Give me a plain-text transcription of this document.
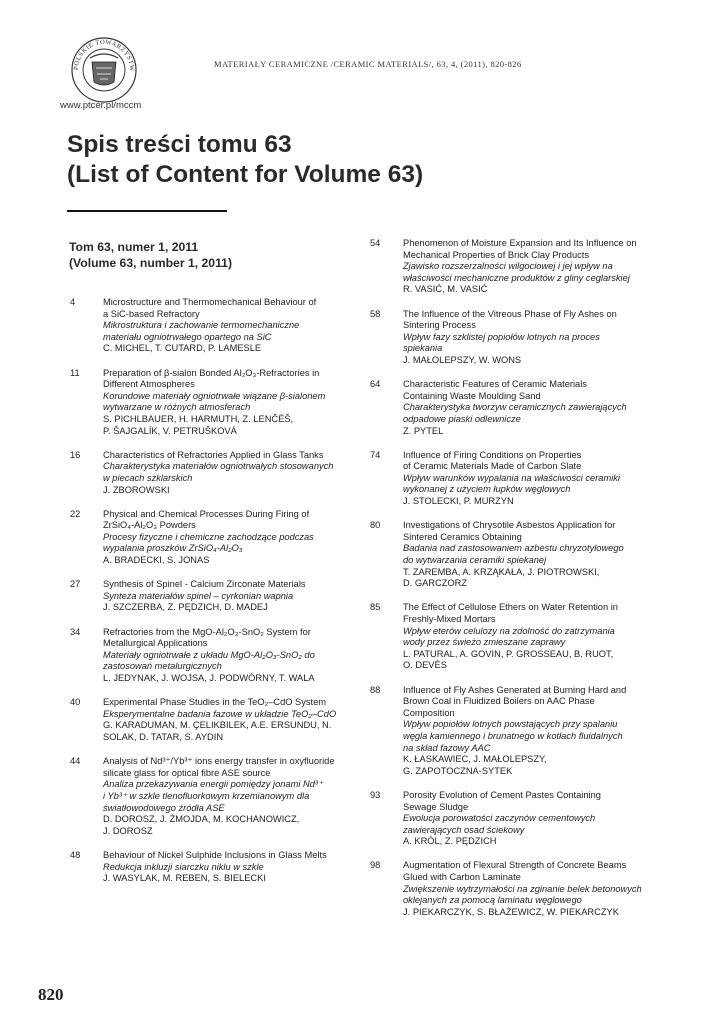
POLSKIE TOWARZYSTW
www.ptcer.pl/mccm
MATERIAŁY CERAMICZNE /CERAMIC MATERIALS/, 63, 4, (2011), 820-826
Spis treści tomu 63
(List of Content for Volume 63)
Tom 63, numer 1, 2011
(Volume 63, number 1, 2011)
4	Microstructure and Thermomechanical Behaviour of
a SiC-based Refractory
Mikrostruktura i zachowanie termomechaniczne
materiału ogniotrwałego opartego na SiC
C. MICHEL, T. CUTARD, P. LAMESLE
11	Preparation of β-sialon Bonded Al₂O₃-Refractories in
Different Atmospheres
Korundowe materiały ogniotrwałe wiązane β-sialonem
wytwarzane w różnych atmosferach
S. PICHLBAUER, H. HARMUTH, Z. LENČÉŠ,
P. ŠAJGALÍK, V. PETRUŠKOVÁ
16 Characteristics of Refractories Applied in Glass Tanks
Charakterystyka materiałów ogniotrwałych stosowanych
w piecach szklarskich
J. ZBOROWSKI
22 Physical and Chemical Processes During Firing of
ZrSiO₄-Al₂O₃ Powders
Procesy fizyczne i chemiczne zachodzące podczas
wypalania proszków ZrSiO₄-Al₂O₃
A. BRADECKI, S. JONAS
27 Synthesis of Spinel - Calcium Zirconate Materials
Synteza materiałów spinel – cyrkonian wapnia
J. SZCZERBA, Z. PĘDZICH, D. MADEJ
34 Refractories from the MgO-Al₂O₃-SnO₂ System for
Metallurgical Applications
Materiały ogniotrwałe z układu MgO-Al₂O₃-SnO₂ do
zastosowań metalurgicznych
L. JEDYNAK, J. WOJSA, J. PODWÓRNY, T. WALA
40 Experimental Phase Studies in the TeO₂–CdO System
Eksperymentalne badania fazowe w układzie TeO₂–CdO
G. KARADUMAN, M. ÇELIKBILEK, A.E. ERSUNDU, N.
SOLAK, D. TATAR, S. AYDIN
44 Analysis of Nd³⁺/Yb³⁺ ions energy transfer in oxyfluoride
silicate glass for optical fibre ASE source
Analiza przekazywania energii pomiędzy jonami Nd³⁺
i Yb³⁺ w szkle tlenofluorkowym krzemianowym dla
światłowodowego źródła ASE
D. DOROSZ, J. ŻMOJDA, M. KOCHANOWICZ,
J. DOROSZ
48 Behaviour of Nickel Sulphide Inclusions in Glass Melts
Redukcja inkluzji siarczku niklu w szkle
J. WASYLAK, M. REBEN, S. BIELECKI
54 Phenomenon of Moisture Expansion and Its Influence on
Mechanical Properties of Brick Clay Products
Zjawisko rozszerzalności wilgociowej i jej wpływ na
właściwości mechaniczne produktów z gliny ceglarskiej
R. VASIĆ, M. VASIĆ
58 The Influence of the Vitreous Phase of Fly Ashes on
Sintering Process
Wpływ fazy szklistej popiołów lotnych na proces
spiekania
J. MAŁOLEPSZY, W. WONS
64 Characteristic Features of Ceramic Materials
Containing Waste Moulding Sand
Charakterystyka tworzyw ceramicznych zawierających
odpadowe piaski odlewnicze
Z. PYTEL
74 Influence of Firing Conditions on Properties
of Ceramic Materials Made of Carbon Slate
Wpływ warunków wypalania na właściwości ceramiki
wykonanej z użyciem łupków węglowych
J. STOLECKI, P. MURZYN
80 Investigations of Chrysotile Asbestos Application for
Sintered Ceramics Obtaining
Badania nad zastosowaniem azbestu chryzotylowego
do wytwarzania ceramiki spiekanej
T. ZAREMBA, A. KRZĄKAŁA, J. PIOTROWSKI,
D. GARCZORZ
85 The Effect of Cellulose Ethers on Water Retention in
Freshly-Mixed Mortars
Wpływ eterów celulozy na zdolność do zatrzymania
wody przez świeżo zmieszane zaprawy
L. PATURAL, A. GOVIN, P. GROSSEAU, B. RUOT,
O. DEVÈS
88 Influence of Fly Ashes Generated at Burning Hard and
Brown Coal in Fluidized Boilers on AAC Phase
Composition
Wpływ popiołów lotnych powstających przy spalaniu
węgla kamiennego i brunatnego w kotłach fluidalnych
na skład fazowy AAC
K. ŁASKAWIEC, J. MAŁOLEPSZY,
G. ZAPOTOCZNA-SYTEK
93 Porosity Evolution of Cement Pastes Containing
Sewage Sludge
Ewolucja porowatości zaczynów cementowych
zawierających osad ściekowy
A. KRÓL, Z. PĘDZICH
98 Augmentation of Flexural Strength of Concrete Beams
Glued with Carbon Laminate
Zwiększenie wytrzymałości na zginanie belek betonowych
oklejanych za pomocą laminatu węglowego
J. PIEKARCZYK, S. BŁAŻEWICZ, W. PIEKARCZYK
820
